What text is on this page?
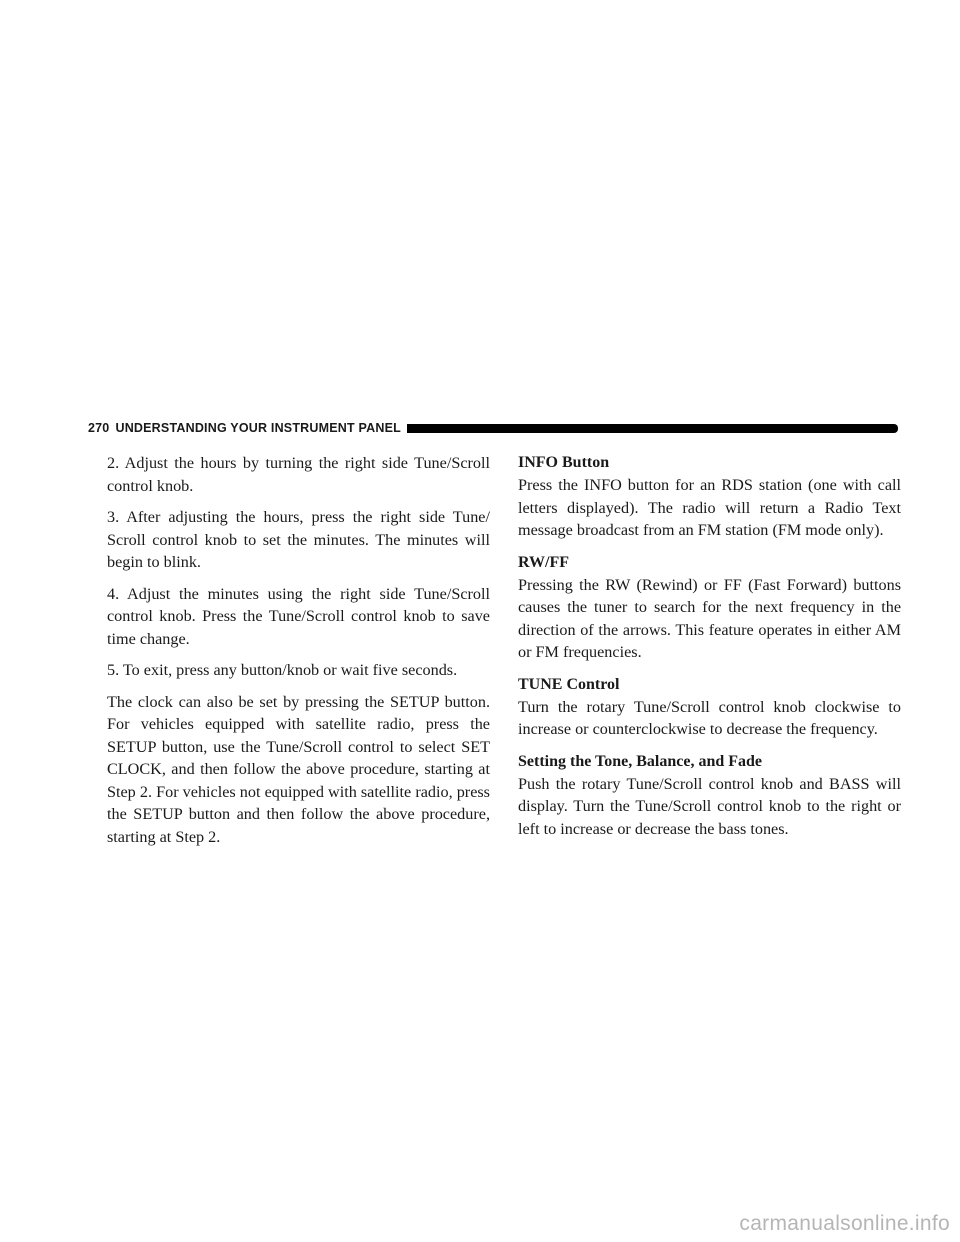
270 UNDERSTANDING YOUR INSTRUMENT PANEL

2. Adjust the hours by turning the right side Tune/Scroll control knob.

3. After adjusting the hours, press the right side Tune/ Scroll control knob to set the minutes. The minutes will begin to blink.

4. Adjust the minutes using the right side Tune/Scroll control knob. Press the Tune/Scroll control knob to save time change.

5. To exit, press any button/knob or wait five seconds.

The clock can also be set by pressing the SETUP button. For vehicles equipped with satellite radio, press the SETUP button, use the Tune/Scroll control to select SET CLOCK, and then follow the above procedure, starting at Step 2. For vehicles not equipped with satellite radio, press the SETUP button and then follow the above procedure, starting at Step 2.

INFO Button

Press the INFO button for an RDS station (one with call letters displayed). The radio will return a Radio Text message broadcast from an FM station (FM mode only).

RW/FF

Pressing the RW (Rewind) or FF (Fast Forward) buttons causes the tuner to search for the next frequency in the direction of the arrows. This feature operates in either AM or FM frequencies.

TUNE Control

Turn the rotary Tune/Scroll control knob clockwise to increase or counterclockwise to decrease the frequency.

Setting the Tone, Balance, and Fade

Push the rotary Tune/Scroll control knob and BASS will display. Turn the Tune/Scroll control knob to the right or left to increase or decrease the bass tones.

carmanualsonline.info
